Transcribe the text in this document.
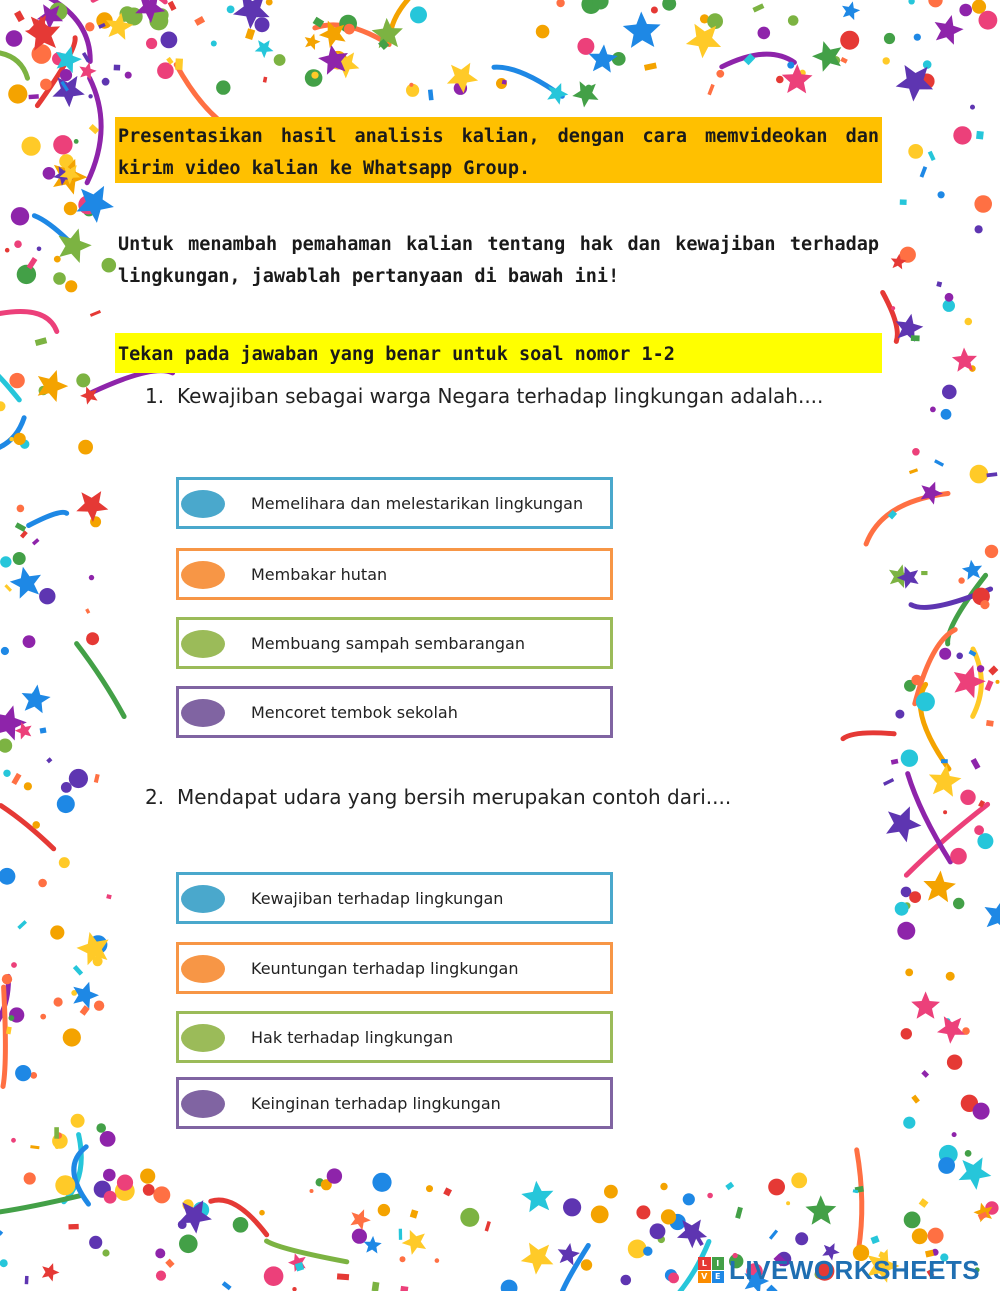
Presentasikan hasil analisis kalian, dengan cara memvideokan dan kirim video kalian ke Whatsapp Group.
Untuk menambah pemahaman kalian tentang hak dan kewajiban terhadap lingkungan, jawablah pertanyaan di bawah ini!
Tekan pada jawaban yang benar untuk soal nomor 1-2
1. Kewajiban sebagai warga Negara terhadap lingkungan adalah....
Memelihara dan melestarikan lingkungan
Membakar hutan
Membuang sampah sembarangan
Mencoret tembok sekolah
2. Mendapat udara yang bersih merupakan contoh dari....
Kewajiban terhadap lingkungan
Keuntungan terhadap lingkungan
Hak terhadap lingkungan
Keinginan terhadap lingkungan
L	I
V E LIVEWORKSHEETS
